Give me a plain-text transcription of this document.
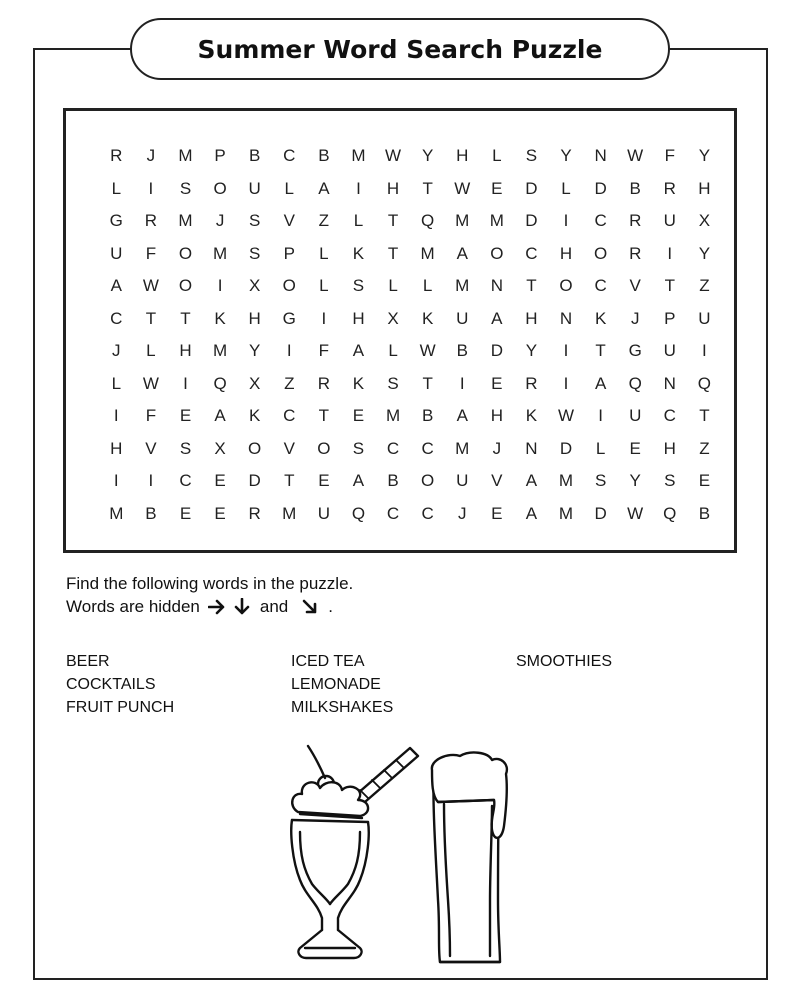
Summer Word Search Puzzle
R	J	M	P	B	C	B	M	W	Y	H	L	S	Y	N	W	F	Y
L	I	S	O	U	L	A	I	H	T	W	E	D	L	D	B	R	H
G	R	M	J	S	V	Z	L	T	Q	M	M	D	I	C	R	U	X
U	F	O	M	S	P	L	K	T	M	A	O	C	H	O	R	I	Y
A	W	O	I	X	O	L	S	L	L	M	N	T	O	C	V	T	Z
C	T	T	K	H	G	I	H	X	K	U	A	H	N	K	J	P	U
J	L	H	M	Y	I	F	A	L	W	B	D	Y	I	T	G	U	I
L	W	I	Q	X	Z	R	K	S	T	I	E	R	I	A	Q	N	Q
I	F	E	A	K	C	T	E	M	B	A	H	K	W	I	U	C	T
H	V	S	X	O	V	O	S	C	C	M	J	N	D	L	E	H	Z
I	I	C	E	D	T	E	A	B	O	U	V	A	M	S	Y	S	E
M	B	E	E	R	M	U	Q	C	C	J	E	A	M	D	W	Q	B
Find the following words in the puzzle.
Words are hidden	and .
BEER
COCKTAILS
FRUIT PUNCH
ICED TEA
LEMONADE
MILKSHAKES
SMOOTHIES
